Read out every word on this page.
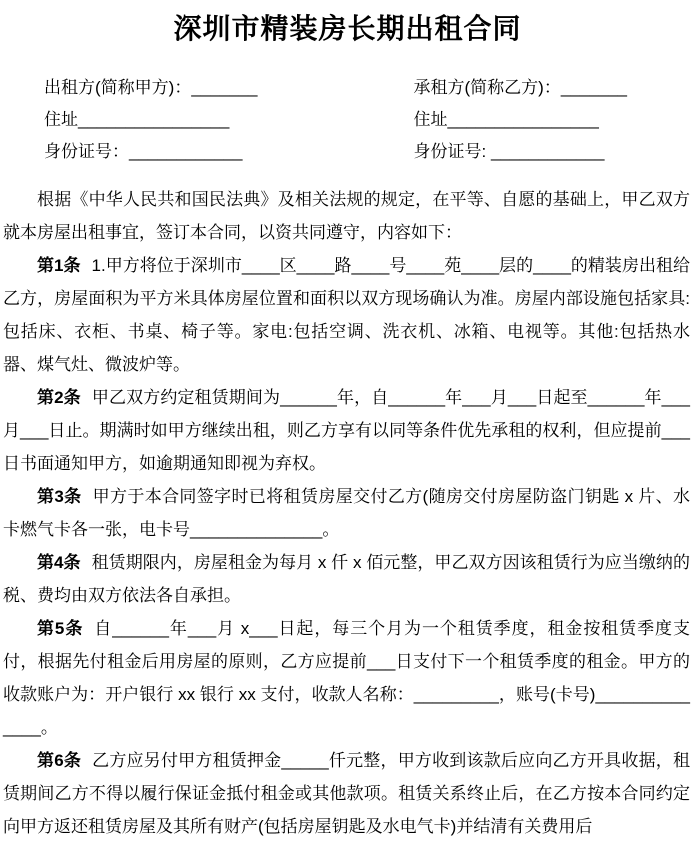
深圳市精装房长期出租合同
出租方(简称甲方)：_______
住址________________
身份证号：____________
承租方(简称乙方)：_______
住址________________
身份证号: ____________

根据《中华人民共和国民法典》及相关法规的规定，在平等、自愿的基础上，甲乙双方就本房屋出租事宜，签订本合同，以资共同遵守，内容如下：

第1条 1.甲方将位于深圳市____区____路____号____苑____层的____的精装房出租给乙方，房屋面积为平方米具体房屋位置和面积以双方现场确认为准。房屋内部设施包括家具:包括床、衣柜、书桌、椅子等。家电:包括空调、洗衣机、冰箱、电视等。其他:包括热水器、煤气灶、微波炉等。

第2条 甲乙双方约定租赁期间为______年，自______年___月___日起至______年___月___日止。期满时如甲方继续出租，则乙方享有以同等条件优先承租的权利，但应提前___日书面通知甲方，如逾期通知即视为弃权。

第3条 甲方于本合同签字时已将租赁房屋交付乙方(随房交付房屋防盗门钥匙 x 片、水卡燃气卡各一张，电卡号______________。

第4条 租赁期限内，房屋租金为每月 x 仟 x 佰元整，甲乙双方因该租赁行为应当缴纳的税、费均由双方依法各自承担。

第5条 自______年___月 x___日起，每三个月为一个租赁季度，租金按租赁季度支付，根据先付租金后用房屋的原则，乙方应提前___日支付下一个租赁季度的租金。甲方的收款账户为：开户银行 xx 银行 xx 支付，收款人名称：_________，账号(卡号)______________。

第6条 乙方应另付甲方租赁押金_____仟元整，甲方收到该款后应向乙方开具收据，租赁期间乙方不得以履行保证金抵付租金或其他款项。租赁关系终止后，在乙方按本合同约定向甲方返还租赁房屋及其所有财产(包括房屋钥匙及水电气卡)并结清有关费用后
